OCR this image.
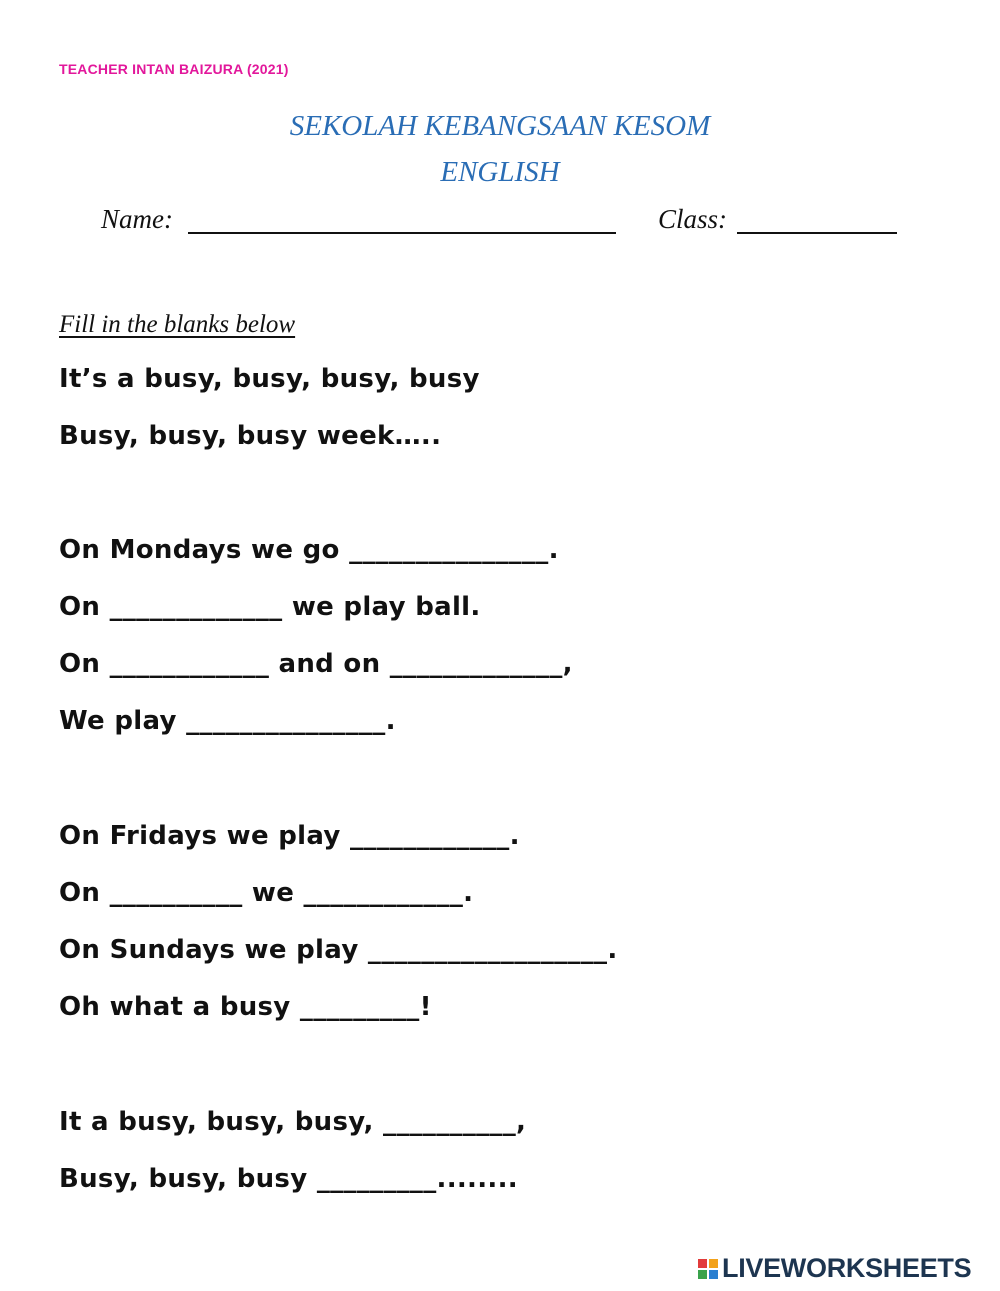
TEACHER INTAN BAIZURA (2021)
SEKOLAH KEBANGSAAN KESOM
ENGLISH
Name:	Class:
Fill in the blanks below
It’s a busy, busy, busy, busy
Busy, busy, busy week…..
On Mondays we go _______________.
On _____________ we play ball.
On ____________ and on _____________,
We play _______________.
On Fridays we play ____________.
On __________ we ____________.
On Sundays we play __________________.
Oh what a busy _________!
It a busy, busy, busy, __________,
Busy, busy, busy _________........
LIVEWORKSHEETS
